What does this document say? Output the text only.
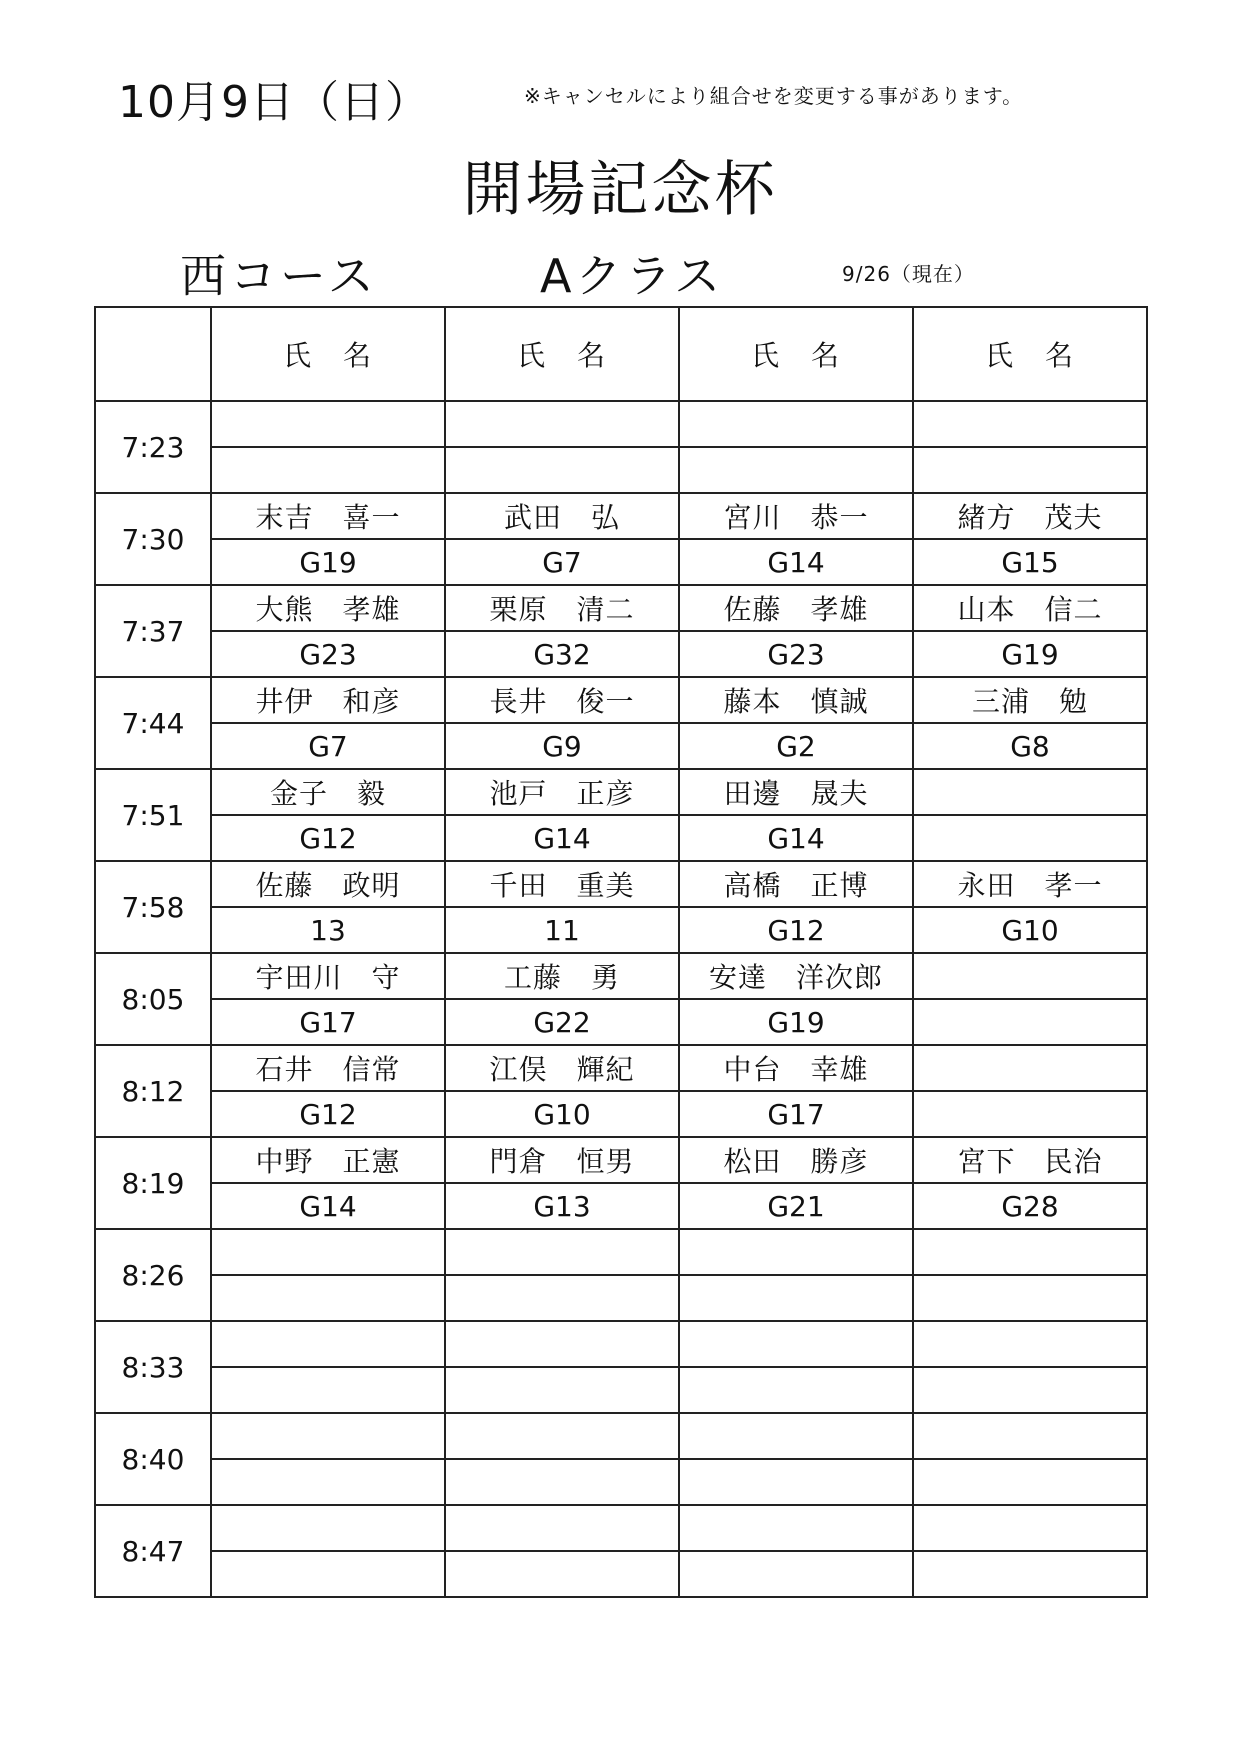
10月9日（日）	※キャンセルにより組合せを変更する事があります。
開場記念杯
西コース	Aクラス	9/26（現在）
	氏　名	氏　名	氏　名	氏　名
7:23				

7:30	末吉　喜一	武田　弘	宮川　恭一	緒方　茂夫
	G19	G7	G14	G15
7:37	大熊　孝雄	栗原　清二	佐藤　孝雄	山本　信二
	G23	G32	G23	G19
7:44	井伊　和彦	長井　俊一	藤本　慎誠	三浦　勉
	G7	G9	G2	G8
7:51	金子　毅	池戸　正彦	田邊　晟夫	
	G12	G14	G14	
7:58	佐藤　政明	千田　重美	高橋　正博	永田　孝一
	13	11	G12	G10
8:05	宇田川　守	工藤　勇	安達　洋次郎	
	G17	G22	G19	
8:12	石井　信常	江俣　輝紀	中台　幸雄	
	G12	G10	G17	
8:19	中野　正憲	門倉　恒男	松田　勝彦	宮下　民治
	G14	G13	G21	G28
8:26				

8:33				

8:40				

8:47				
